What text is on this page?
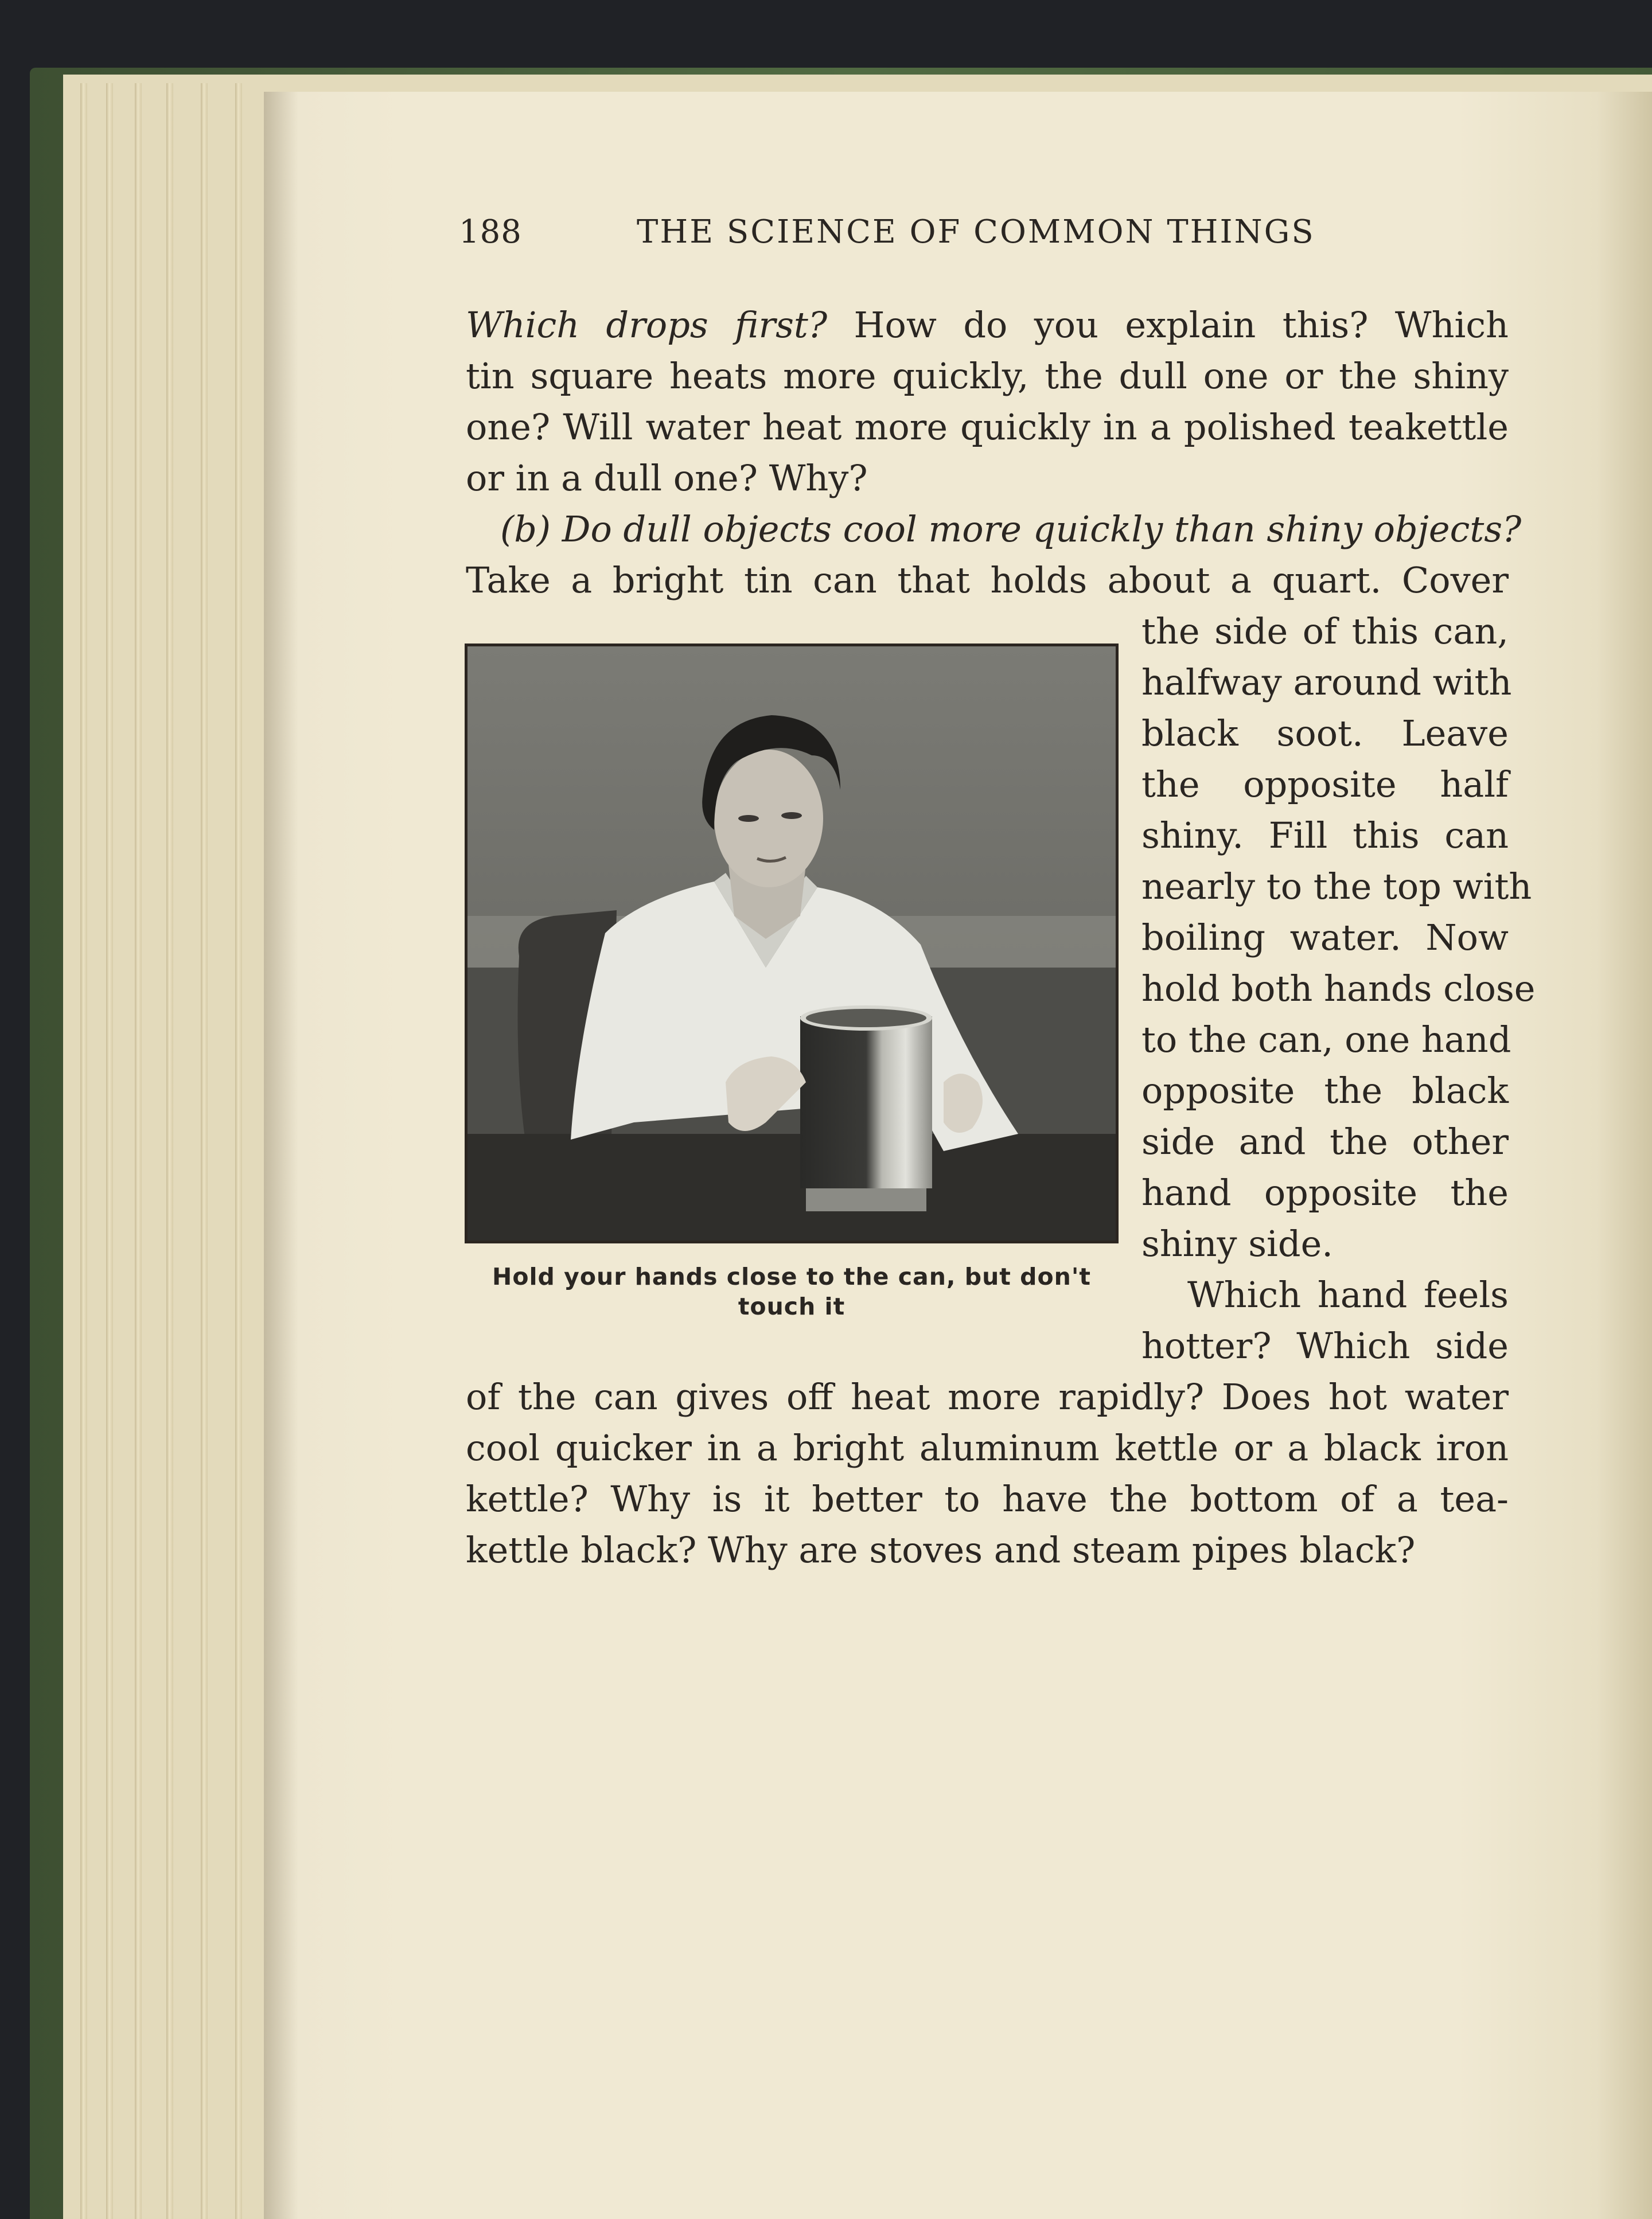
188	THE SCIENCE OF COMMON THINGS
Which drops first? How do you explain this? Which
tin square heats more quickly, the dull one or the shiny
one? Will water heat more quickly in a polished teakettle
or in a dull one? Why?
(b) Do dull objects cool more quickly than shiny objects?
Take a bright tin can that holds about a quart. Cover
Hold your hands close to the can, but don't
touch it
the side of this can,
halfway around with
black soot. Leave
the opposite half
shiny. Fill this can
nearly to the top with
boiling water. Now
hold both hands close
to the can, one hand
opposite the black
side and the other
hand opposite the
shiny side.
Which hand feels
hotter? Which side
of the can gives off heat more rapidly? Does hot water
cool quicker in a bright aluminum kettle or a black iron
kettle? Why is it better to have the bottom of a tea-
kettle black? Why are stoves and steam pipes black?
